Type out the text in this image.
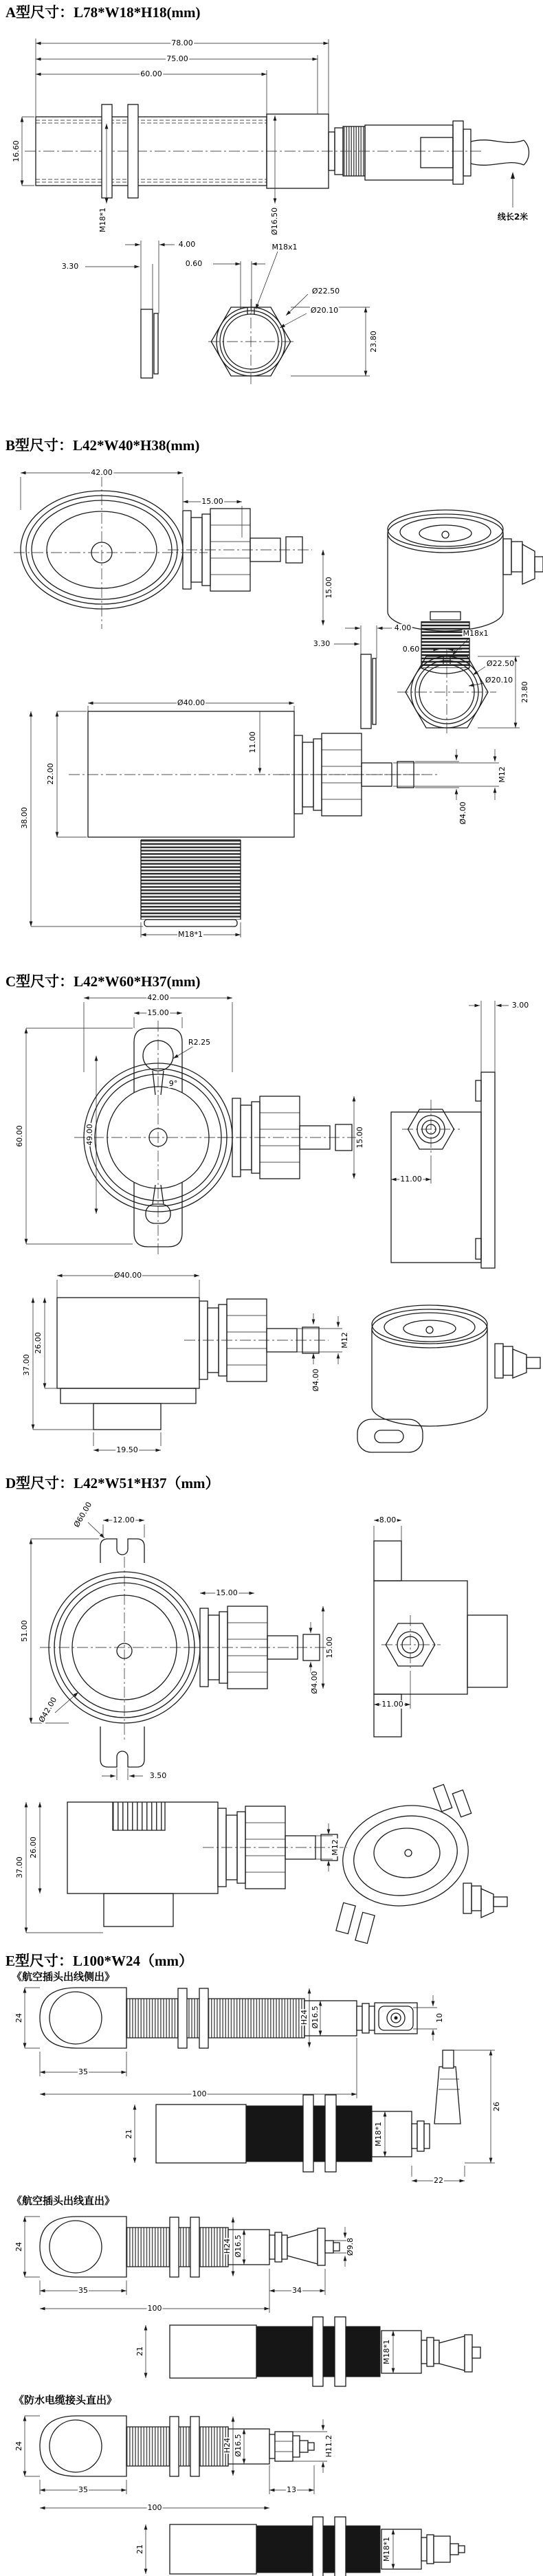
A型尺寸：L78*W18*H18(mm)
78.00
75.00
60.00
16.60
M18*1	Ø16.50	线长2米
4.00
3.30	0.60
M18x1
Ø22.50
Ø20.10
23.80
B型尺寸：L42*W40*H38(mm)
42.00
15.00
15.00
4.00
3.30
0.60
M18x1
Ø22.50
Ø20.10
23.80
Ø40.00
11.00
22.00
38.00
M12
Ø4.00
M18*1
C型尺寸：L42*W60*H37(mm)
42.00
15.00
R2.25
9°
60.00	49.00	15.00
3.00
11.00
Ø40.00
26.00
37.00
19.50
M12
Ø4.00
D型尺寸：L42*W51*H37（mm）
Ø60.00	12.00	8.00
15.00
51.00
15.00
Ø4.00
11.00
Ø42.00
3.50
26.00
37.00
M12
E型尺寸：L100*W24（mm）
《航空插头出线侧出》
24	H24 Ø16.5	10
35
100
21	M18*1
26
22
《航空插头出线直出》
24	H24 Ø16.5	Ø9.8
35	34
100
21	M18*1
《防水电缆接头直出》
24	H24 Ø16.5	H11.2
35	13
100
21	M18*1
